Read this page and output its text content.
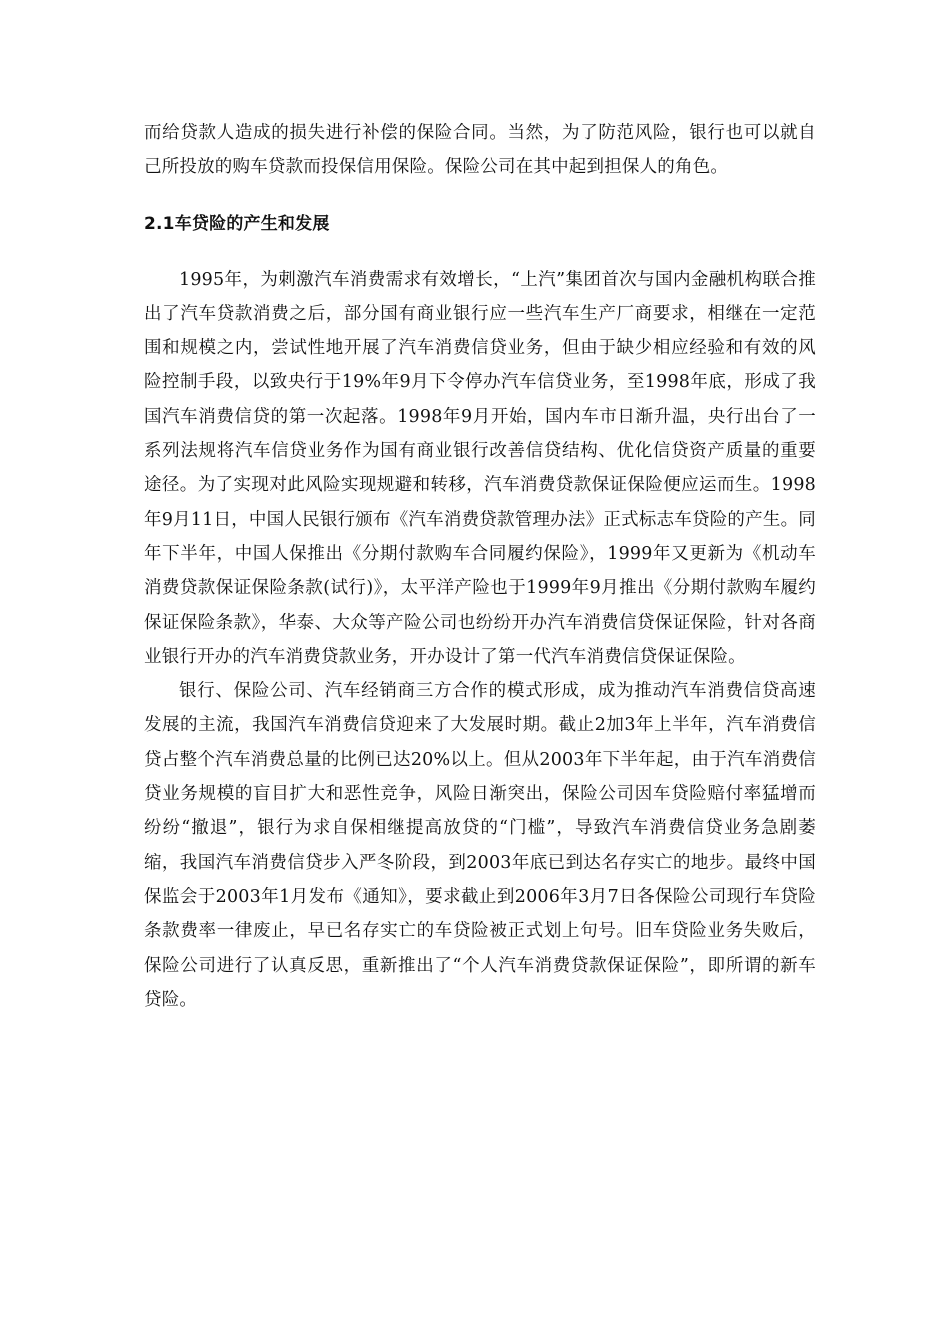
而给贷款人造成的损失进行补偿的保险合同。当然，为了防范风险，银行也可以就自己所投放的购车贷款而投保信用保险。保险公司在其中起到担保人的角色。

2.1车贷险的产生和发展

1995年，为刺激汽车消费需求有效增长，“上汽”集团首次与国内金融机构联合推出了汽车贷款消费之后，部分国有商业银行应一些汽车生产厂商要求，相继在一定范围和规模之内，尝试性地开展了汽车消费信贷业务，但由于缺少相应经验和有效的风险控制手段，以致央行于19%年9月下令停办汽车信贷业务，至1998年底，形成了我国汽车消费信贷的第一次起落。1998年9月开始，国内车市日渐升温，央行出台了一系列法规将汽车信贷业务作为国有商业银行改善信贷结构、优化信贷资产质量的重要途径。为了实现对此风险实现规避和转移，汽车消费贷款保证保险便应运而生。1998年9月11日，中国人民银行颁布《汽车消费贷款管理办法》正式标志车贷险的产生。同年下半年，中国人保推出《分期付款购车合同履约保险》，1999年又更新为《机动车消费贷款保证保险条款(试行)》，太平洋产险也于1999年9月推出《分期付款购车履约保证保险条款》，华泰、大众等产险公司也纷纷开办汽车消费信贷保证保险，针对各商业银行开办的汽车消费贷款业务，开办设计了第一代汽车消费信贷保证保险。

银行、保险公司、汽车经销商三方合作的模式形成，成为推动汽车消费信贷高速发展的主流，我国汽车消费信贷迎来了大发展时期。截止2加3年上半年，汽车消费信贷占整个汽车消费总量的比例已达20%以上。但从2003年下半年起，由于汽车消费信贷业务规模的盲目扩大和恶性竞争，风险日渐突出，保险公司因车贷险赔付率猛增而纷纷“撤退”，银行为求自保相继提高放贷的“门槛”，导致汽车消费信贷业务急剧萎缩，我国汽车消费信贷步入严冬阶段，到2003年底已到达名存实亡的地步。最终中国保监会于2003年1月发布《通知》，要求截止到2006年3月7日各保险公司现行车贷险条款费率一律废止，早已名存实亡的车贷险被正式划上句号。旧车贷险业务失败后，保险公司进行了认真反思，重新推出了“个人汽车消费贷款保证保险”，即所谓的新车贷险。
